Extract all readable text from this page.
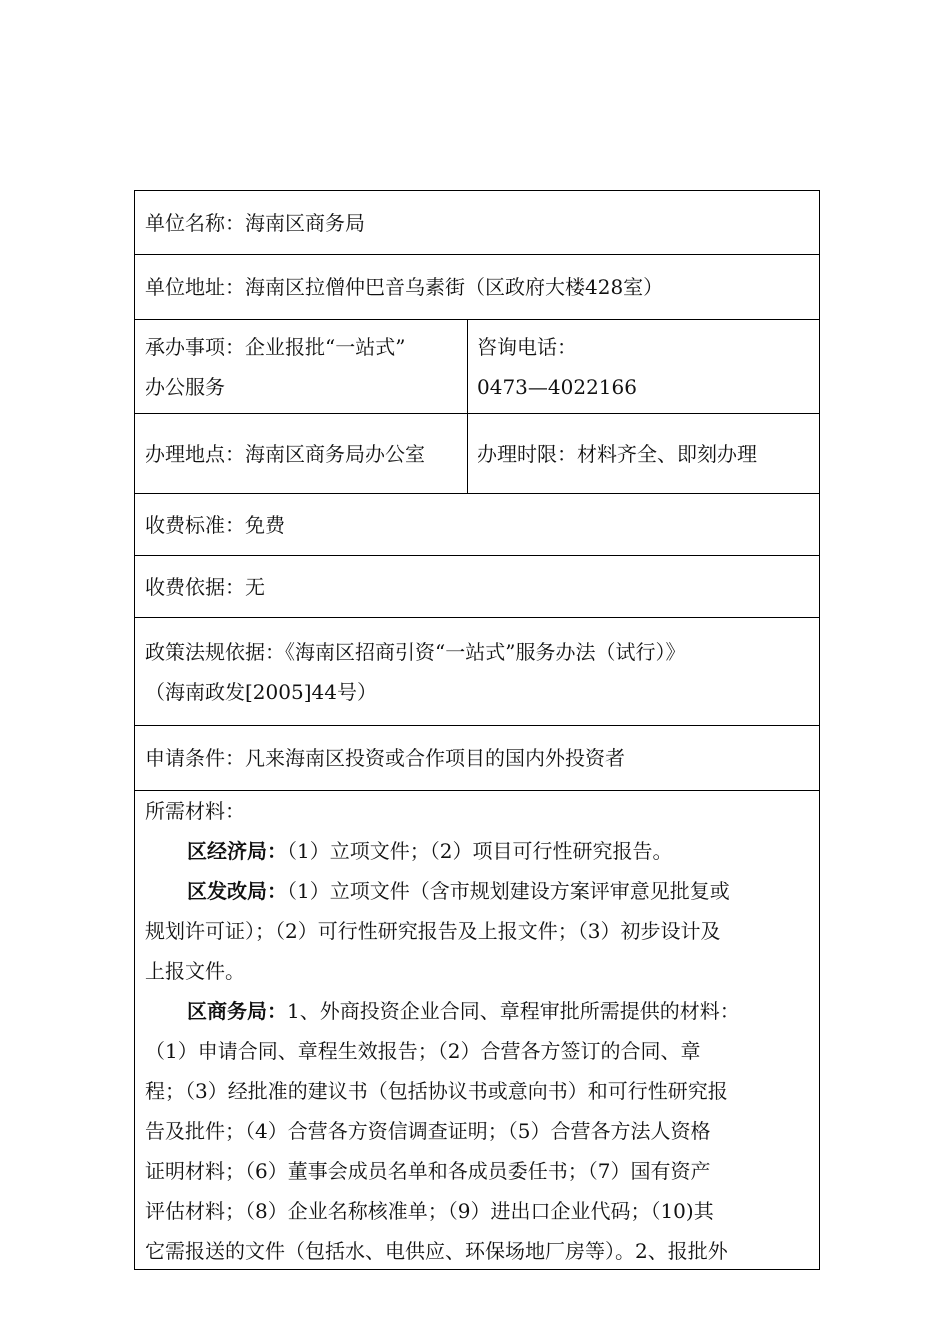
单位名称：海南区商务局
单位地址：海南区拉僧仲巴音乌素街（区政府大楼428室）
承办事项：企业报批“一站式”
办公服务
咨询电话：
0473—4022166
办理地点：海南区商务局办公室	办理时限：材料齐全、即刻办理
收费标准：免费
收费依据：无
政策法规依据：《海南区招商引资“一站式”服务办法（试行）》
（海南政发[2005]44号）
申请条件：凡来海南区投资或合作项目的国内外投资者

所需材料：

区经济局：（1）立项文件；（2）项目可行性研究报告。

区发改局：（1）立项文件（含市规划建设方案评审意见批复或

规划许可证）；（2）可行性研究报告及上报文件；（3）初步设计及

上报文件。

区商务局：1、外商投资企业合同、章程审批所需提供的材料：

（1）申请合同、章程生效报告；（2）合营各方签订的合同、章

程；（3）经批准的建议书（包括协议书或意向书）和可行性研究报

告及批件；（4）合营各方资信调查证明；（5）合营各方法人资格

证明材料；（6）董事会成员名单和各成员委任书；（7）国有资产

评估材料；（8）企业名称核准单；（9）进出口企业代码；（10)其

它需报送的文件（包括水、电供应、环保场地厂房等）。2、报批外
